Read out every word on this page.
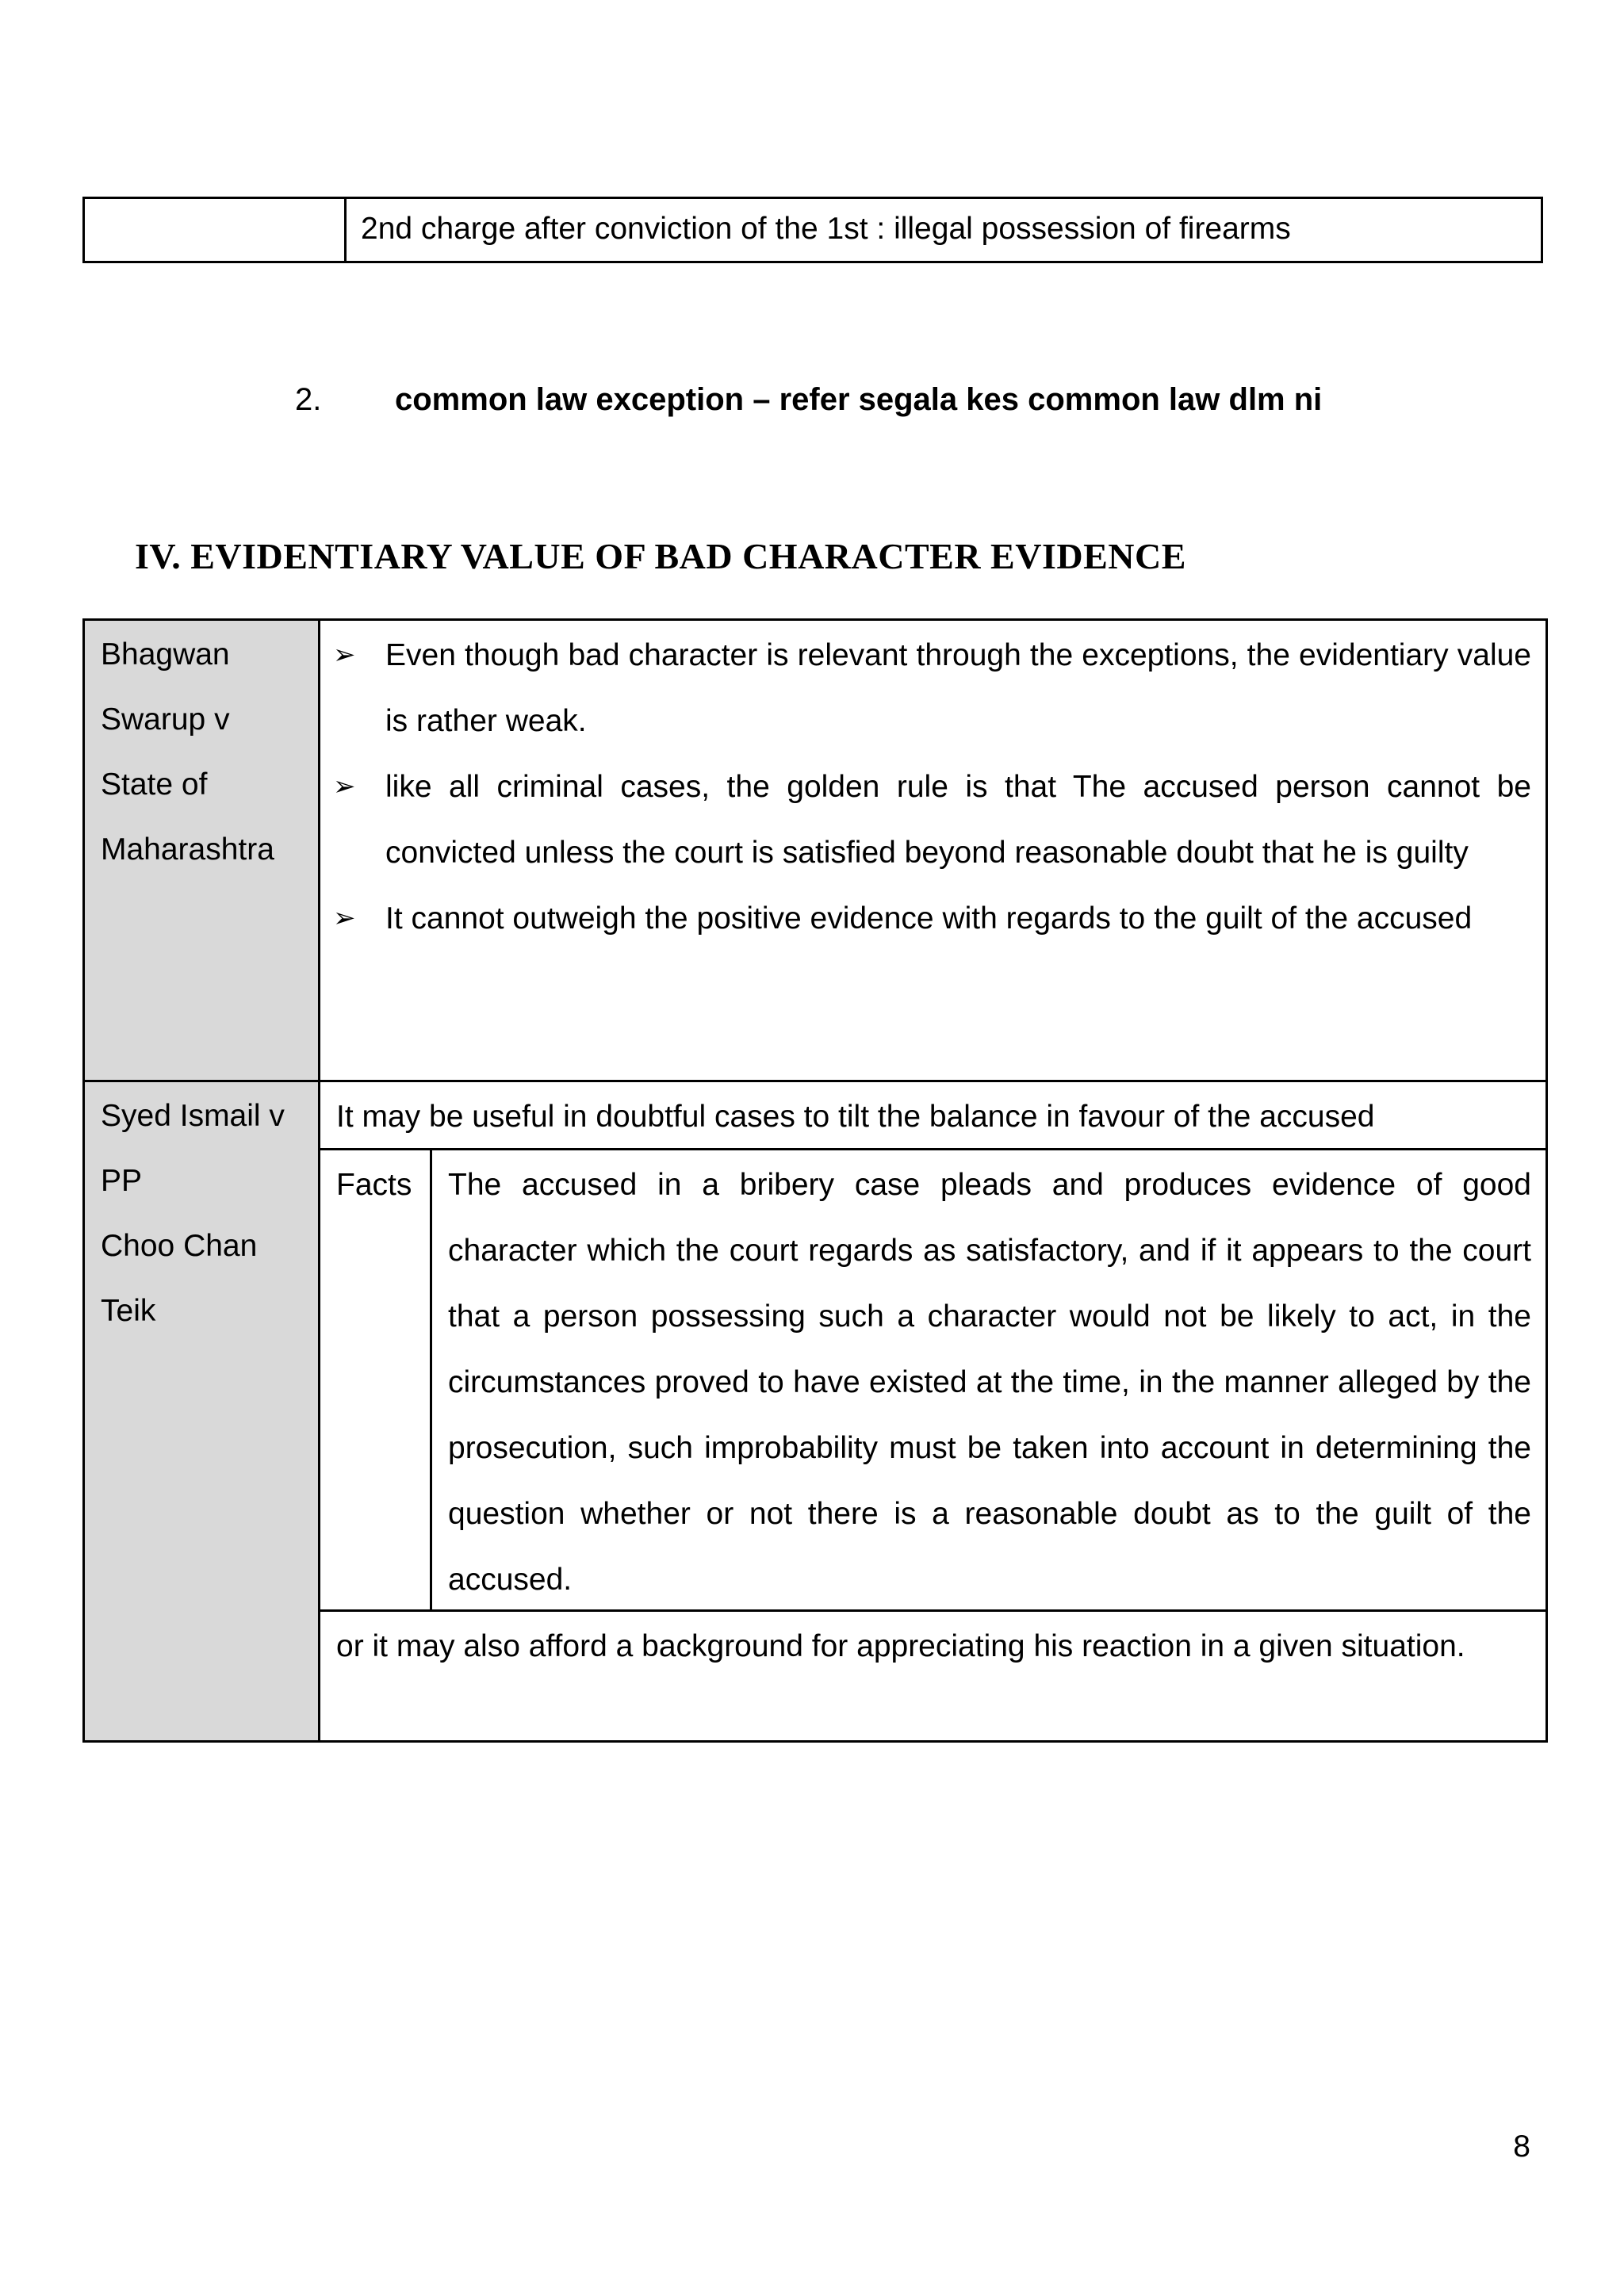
2nd charge after conviction of the 1st : illegal possession of firearms
2. common law exception – refer segala kes common law dlm ni
IV. EVIDENTIARY VALUE OF BAD CHARACTER EVIDENCE
Bhagwan
Swarup v
State of
Maharashtra
➢ Even though bad character is relevant through the exceptions, the evidentiary value is rather weak.
➢ like all criminal cases, the golden rule is that The accused person cannot be convicted unless the court is satisfied beyond reasonable doubt that he is guilty
➢ It cannot outweigh the positive evidence with regards to the guilt of the accused
Syed Ismail v
PP
Choo Chan
Teik
It may be useful in doubtful cases to tilt the balance in favour of the accused
Facts	The accused in a bribery case pleads and produces evidence of good character which the court regards as satisfactory, and if it appears to the court that a person possessing such a character would not be likely to act, in the circumstances proved to have existed at the time, in the manner alleged by the prosecution, such improbability must be taken into account in determining the question whether or not there is a reasonable doubt as to the guilt of the accused.
or it may also afford a background for appreciating his reaction in a given situation.
8
